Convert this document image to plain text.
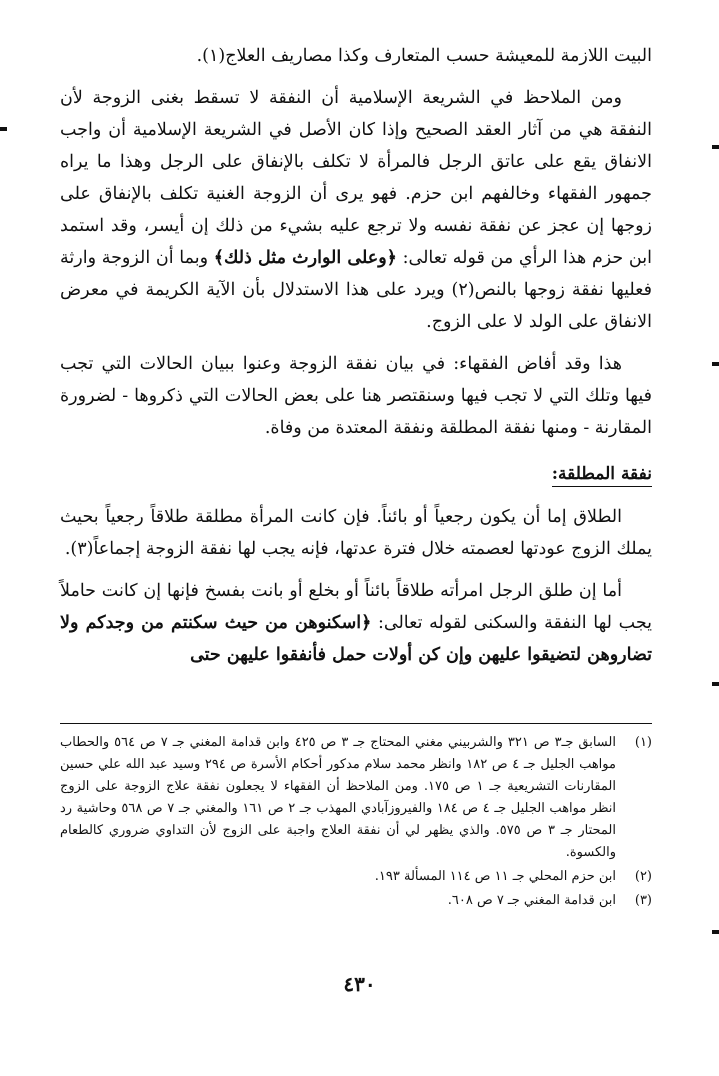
البيت اللازمة للمعيشة حسب المتعارف وكذا مصاريف العلاج(١).

ومن الملاحظ في الشريعة الإسلامية أن النفقة لا تسقط بغنى الزوجة لأن النفقة هي من آثار العقد الصحيح وإذا كان الأصل في الشريعة الإسلامية أن واجب الانفاق يقع على عاتق الرجل فالمرأة لا تكلف بالإنفاق على الرجل وهذا ما يراه جمهور الفقهاء وخالفهم ابن حزم. فهو يرى أن الزوجة الغنية تكلف بالإنفاق على زوجها إن عجز عن نفقة نفسه ولا ترجع عليه بشيء من ذلك إن أيسر، وقد استمد ابن حزم هذا الرأي من قوله تعالى: ﴿وعلى الوارث مثل ذلك﴾ وبما أن الزوجة وارثة فعليها نفقة زوجها بالنص(٢) ويرد على هذا الاستدلال بأن الآية الكريمة في معرض الانفاق على الولد لا على الزوج.

هذا وقد أفاض الفقهاء: في بيان نفقة الزوجة وعنوا ببيان الحالات التي تجب فيها وتلك التي لا تجب فيها وسنقتصر هنا على بعض الحالات التي ذكروها - لضرورة المقارنة - ومنها نفقة المطلقة ونفقة المعتدة من وفاة.

نفقة المطلقة:

الطلاق إما أن يكون رجعياً أو بائناً. فإن كانت المرأة مطلقة طلاقاً رجعياً بحيث يملك الزوج عودتها لعصمته خلال فترة عدتها، فإنه يجب لها نفقة الزوجة إجماعاً(٣).

أما إن طلق الرجل امرأته طلاقاً بائناً أو بخلع أو بانت بفسخ فإنها إن كانت حاملاً يجب لها النفقة والسكنى لقوله تعالى: ﴿اسكنوهن من حيث سكنتم من وجدكم ولا تضاروهن لتضيقوا عليهن وإن كن أولات حمل فأنفقوا عليهن حتى

(١)
السابق جـ٣ ص ٣٢١ والشربيني مغني المحتاج جـ ٣ ص ٤٢٥ وابن قدامة المغني جـ ٧ ص ٥٦٤ والحطاب مواهب الجليل جـ ٤ ص ١٨٢ وانظر محمد سلام مدكور أحكام الأسرة ص ٢٩٤ وسيد عبد الله علي حسين المقارنات التشريعية جـ ١ ص ١٧٥. ومن الملاحظ أن الفقهاء لا يجعلون نفقة علاج الزوجة على الزوج انظر مواهب الجليل جـ ٤ ص ١٨٤ والفيروزآبادي المهذب جـ ٢ ص ١٦١ والمغني جـ ٧ ص ٥٦٨ وحاشية رد المحتار جـ ٣ ص ٥٧٥. والذي يظهر لي أن نفقة العلاج واجبة على الزوج لأن التداوي ضروري كالطعام والكسوة.
(٢)
ابن حزم المحلي جـ ١١ ص ١١٤ المسألة ١٩٣.
(٣)
ابن قدامة المغني جـ ٧ ص ٦٠٨.
٤٣٠
